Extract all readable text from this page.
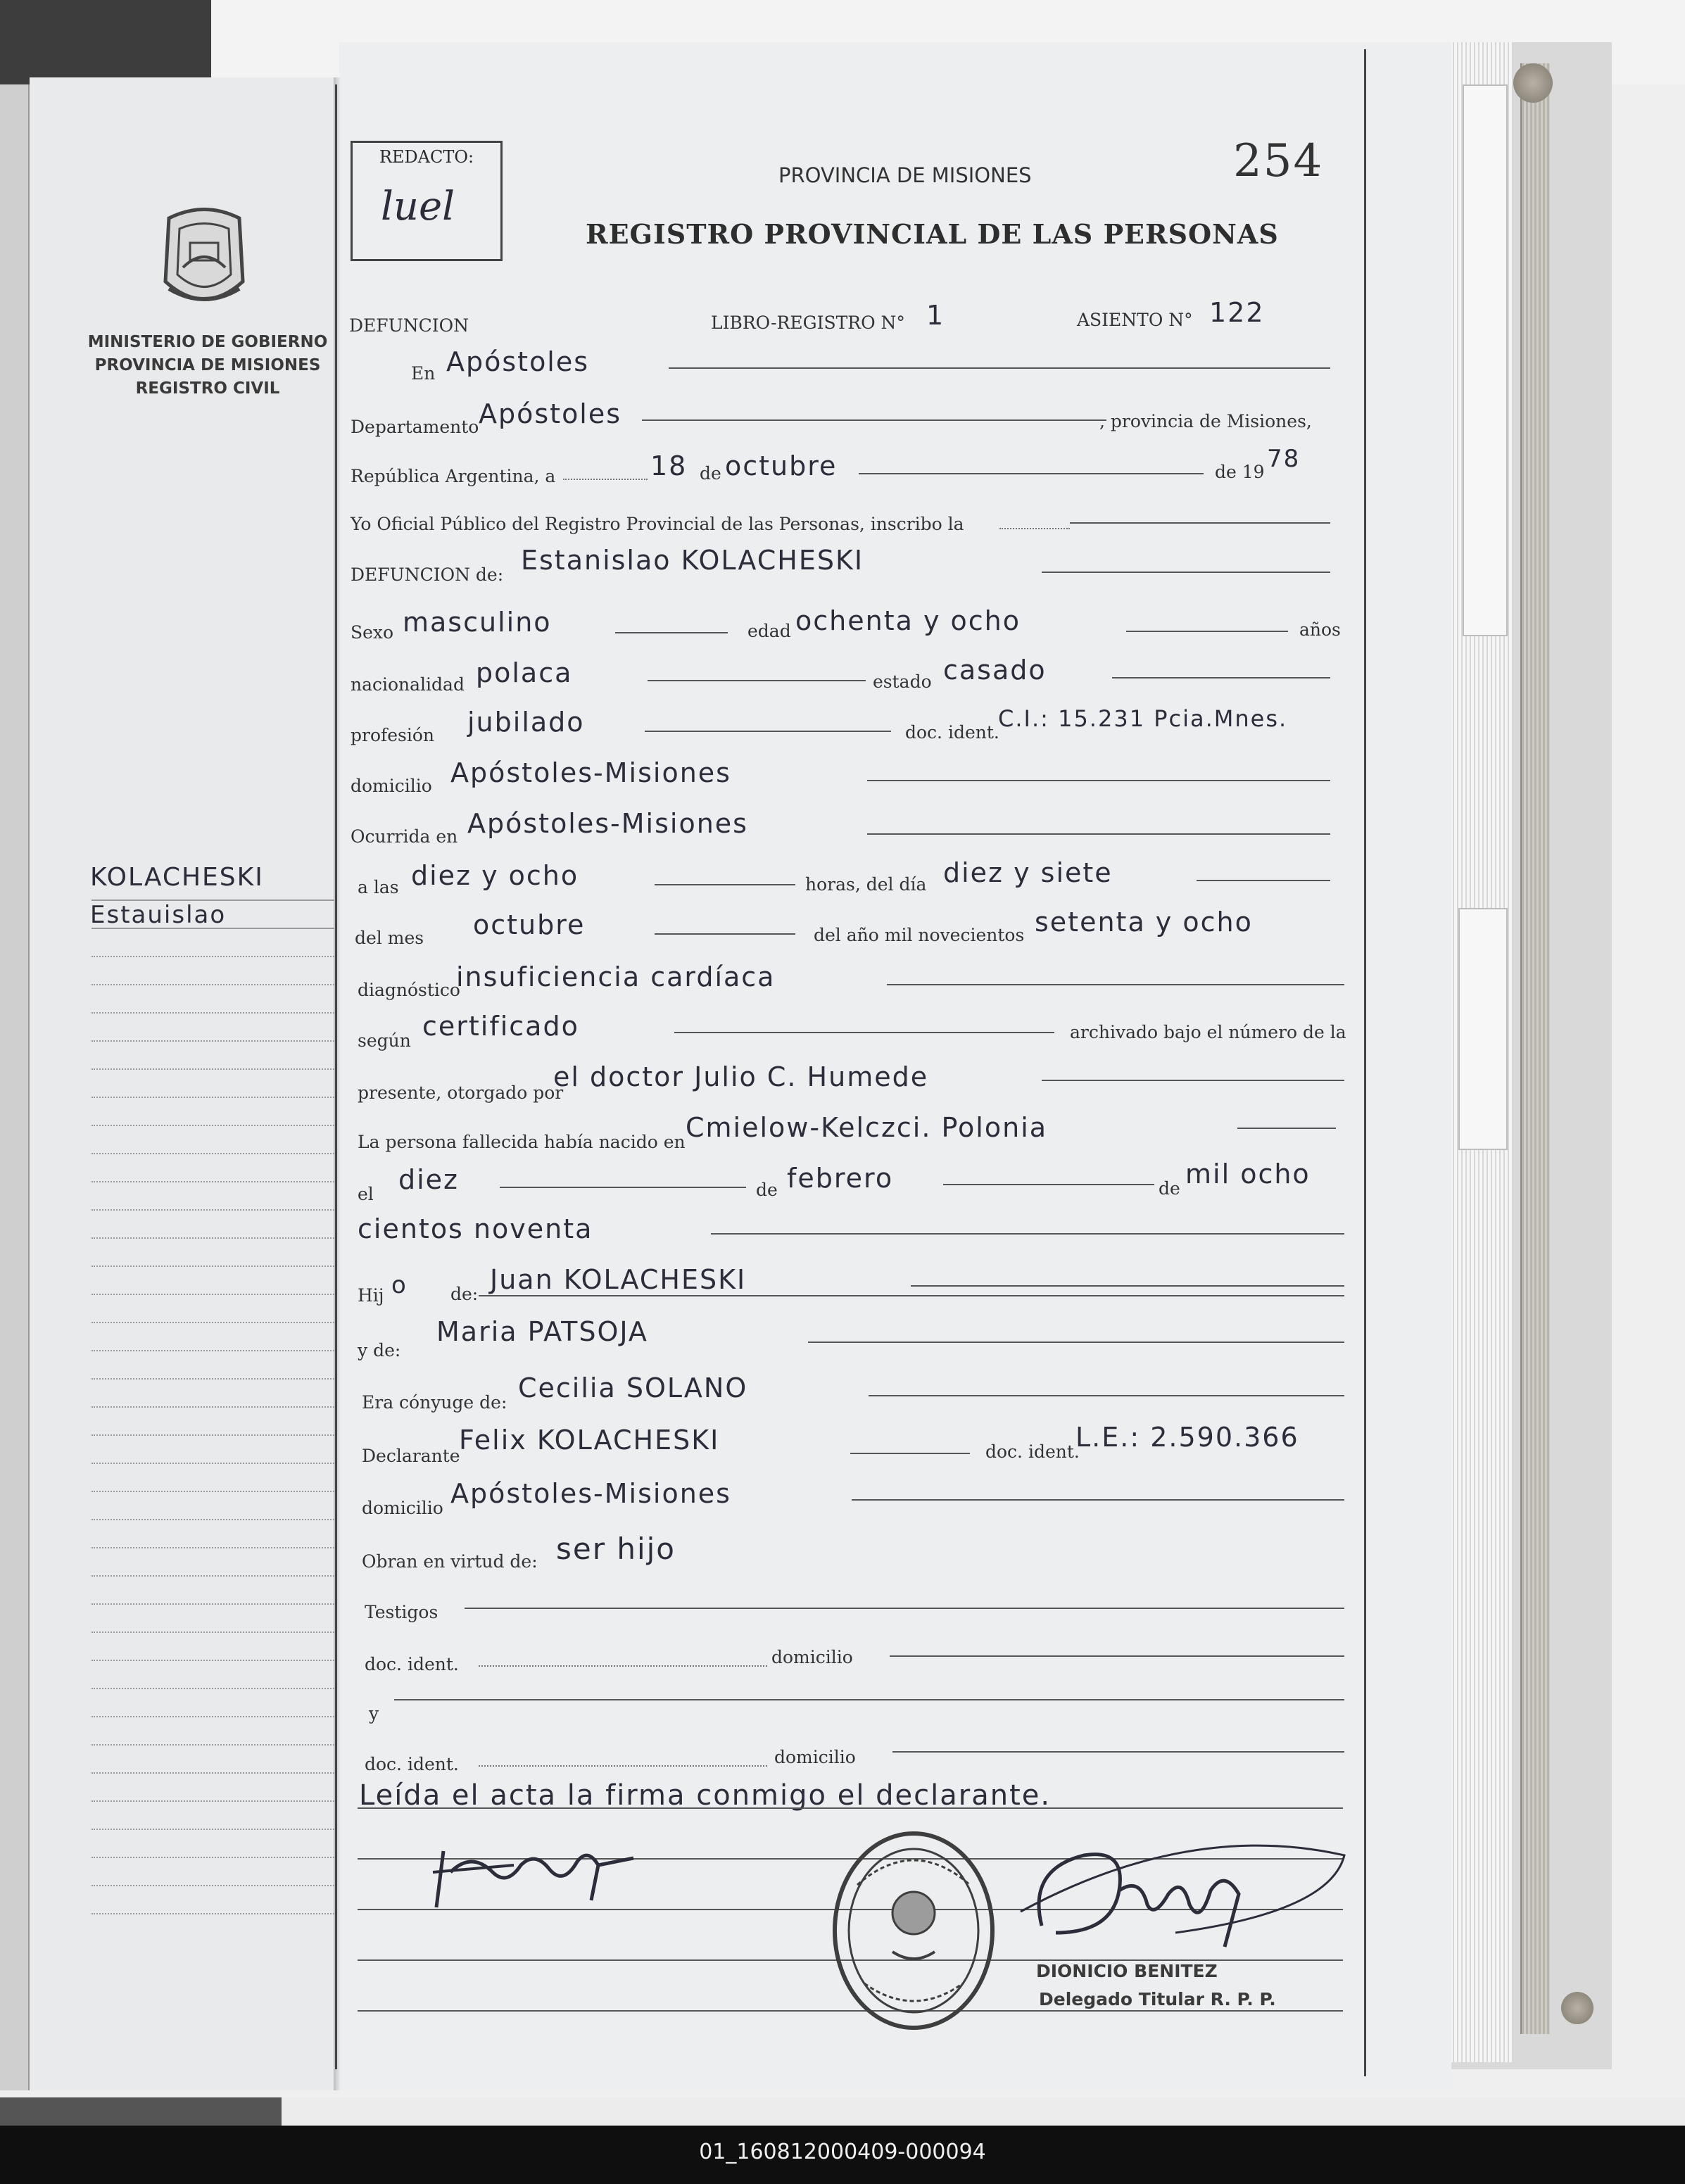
MINISTERIO DE GOBIERNO
PROVINCIA DE MISIONES
REGISTRO CIVIL
KOLACHESKI
Estauislao
REDACTO:
luel
254
PROVINCIA DE MISIONES
REGISTRO PROVINCIAL DE LAS PERSONAS
DEFUNCION	LIBRO-REGISTRO N° 1	ASIENTO N° 122
En Apóstoles
Departamento Apóstoles	, provincia de Misiones,
República Argentina, a	18 de octubre	de 19 78
Yo Oficial Público del Registro Provincial de las Personas, inscribo la
DEFUNCION de: Estanislao KOLACHESKI
Sexo masculino	edad ochenta y ocho	años
nacionalidad polaca	estado casado
profesión jubilado	doc. ident.
C.I.: 15.231 Pcia.Mnes.
domicilio Apóstoles-Misiones
Ocurrida en Apóstoles-Misiones
a las diez y ocho	horas, del día diez y siete
del mes octubre	del año mil novecientos setenta y ocho
diagnóstico
insuficiencia cardíaca
según certificado	archivado bajo el número de la
presente, otorgado por
el doctor Julio C. Humede
La persona fallecida había nacido en Cmielow-Kelczci. Polonia
el diez	de febrero	de mil ocho
cientos noventa
Hij o de: Juan KOLACHESKI
y de:
Maria PATSOJA
Era cónyuge de: Cecilia SOLANO
Declarante
Felix KOLACHESKI	doc. ident.
L.E.: 2.590.366
domicilio Apóstoles-Misiones
Obran en virtud de: ser hijo
Testigos
doc. ident.	domicilio
y
doc. ident.	domicilio
Leída el acta la firma conmigo el declarante.
DIONICIO BENITEZ
Delegado Titular R. P. P.
01_160812000409-000094
